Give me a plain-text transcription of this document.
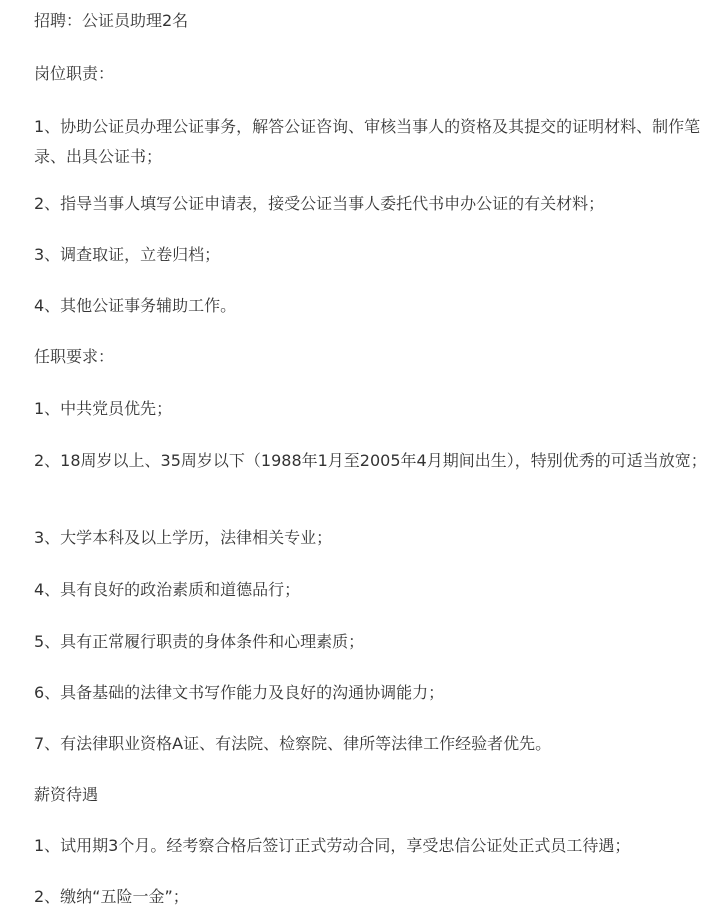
招聘：公证员助理2名

岗位职责：

1、协助公证员办理公证事务，解答公证咨询、审核当事人的资格及其提交的证明材料、制作笔录、出具公证书；

2、指导当事人填写公证申请表，接受公证当事人委托代书申办公证的有关材料；

3、调查取证，立卷归档；

4、其他公证事务辅助工作。

任职要求：

1、中共党员优先；

2、18周岁以上、35周岁以下（1988年1月至2005年4月期间出生），特别优秀的可适当放宽；

3、大学本科及以上学历，法律相关专业；

4、具有良好的政治素质和道德品行；

5、具有正常履行职责的身体条件和心理素质；

6、具备基础的法律文书写作能力及良好的沟通协调能力；

7、有法律职业资格A证、有法院、检察院、律所等法律工作经验者优先。

薪资待遇

1、试用期3个月。经考察合格后签订正式劳动合同，享受忠信公证处正式员工待遇；

2、缴纳“五险一金”；
